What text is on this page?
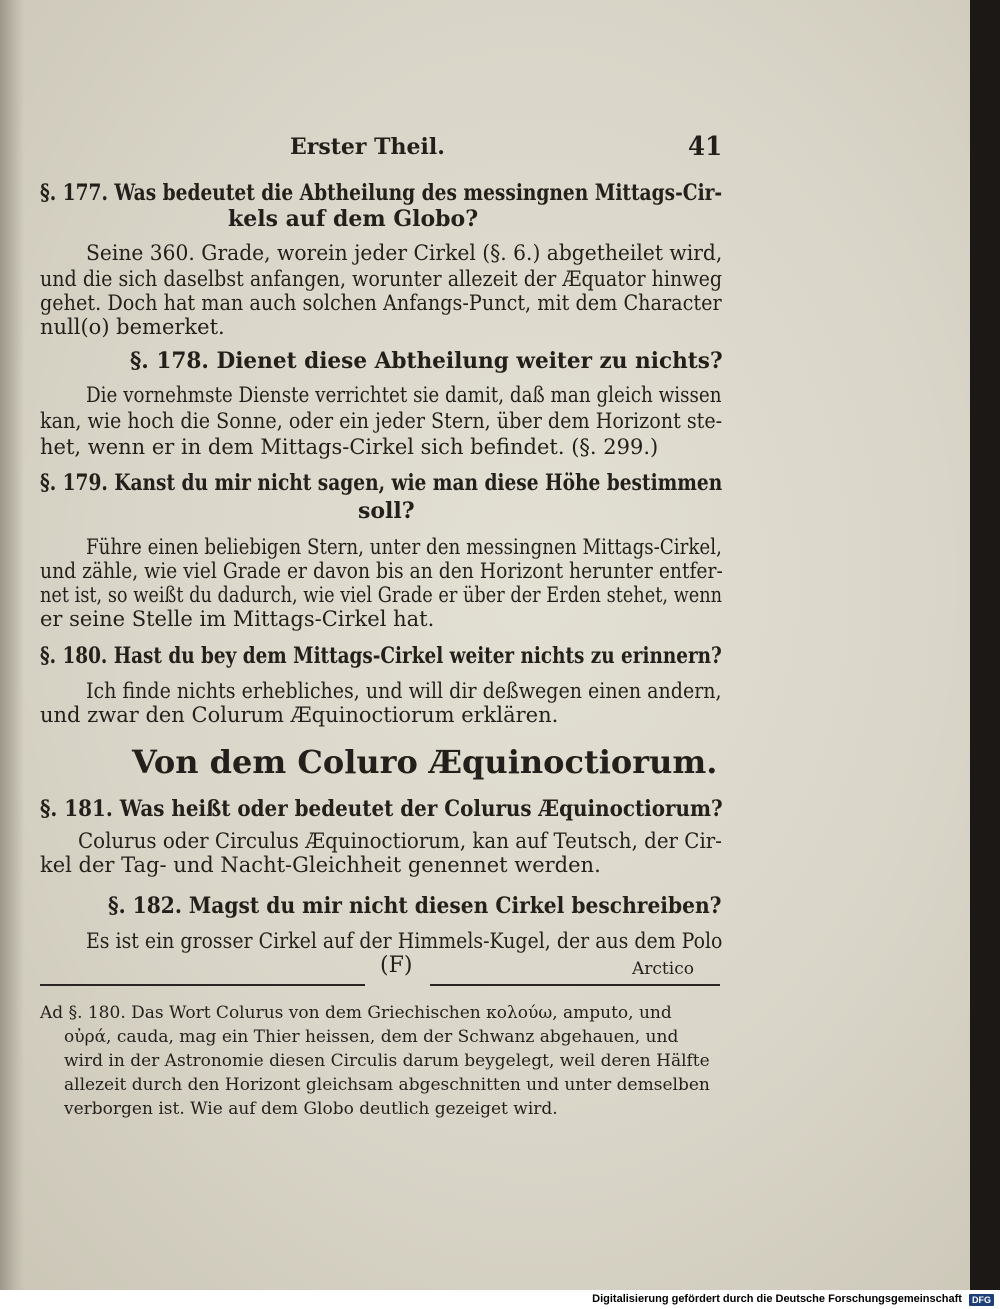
Erster Theil.	41
§. 177. Was bedeutet die Abtheilung des messingnen Mittags-Cir-
kels auf dem Globo?
Seine 360. Grade, worein jeder Cirkel (§. 6.) abgetheilet wird,
und die sich daselbst anfangen, worunter allezeit der Æquator hinweg
gehet. Doch hat man auch solchen Anfangs-Punct, mit dem Character
null(o) bemerket.
§. 178. Dienet diese Abtheilung weiter zu nichts?
Die vornehmste Dienste verrichtet sie damit, daß man gleich wissen
kan, wie hoch die Sonne, oder ein jeder Stern, über dem Horizont ste-
het, wenn er in dem Mittags-Cirkel sich befindet. (§. 299.)
§. 179. Kanst du mir nicht sagen, wie man diese Höhe bestimmen
soll?
Führe einen beliebigen Stern, unter den messingnen Mittags-Cirkel,
und zähle, wie viel Grade er davon bis an den Horizont herunter entfer-
net ist, so weißt du dadurch, wie viel Grade er über der Erden stehet, wenn
er seine Stelle im Mittags-Cirkel hat.
§. 180. Hast du bey dem Mittags-Cirkel weiter nichts zu erinnern?
Ich finde nichts erhebliches, und will dir deßwegen einen andern,
und zwar den Colurum Æquinoctiorum erklären.
Von dem Coluro Æquinoctiorum.
§. 181. Was heißt oder bedeutet der Colurus Æquinoctiorum?
Colurus oder Circulus Æquinoctiorum, kan auf Teutsch, der Cir-
kel der Tag- und Nacht-Gleichheit genennet werden.
§. 182. Magst du mir nicht diesen Cirkel beschreiben?
Es ist ein grosser Cirkel auf der Himmels-Kugel, der aus dem Polo
(F)	Arctico
Ad §. 180. Das Wort Colurus von dem Griechischen κολούω, amputo, und
οὐρά, cauda, mag ein Thier heissen, dem der Schwanz abgehauen, und
wird in der Astronomie diesen Circulis darum beygelegt, weil deren Hälfte
allezeit durch den Horizont gleichsam abgeschnitten und unter demselben
verborgen ist. Wie auf dem Globo deutlich gezeiget wird.
Digitalisierung gefördert durch die Deutsche Forschungsgemeinschaft DFG
